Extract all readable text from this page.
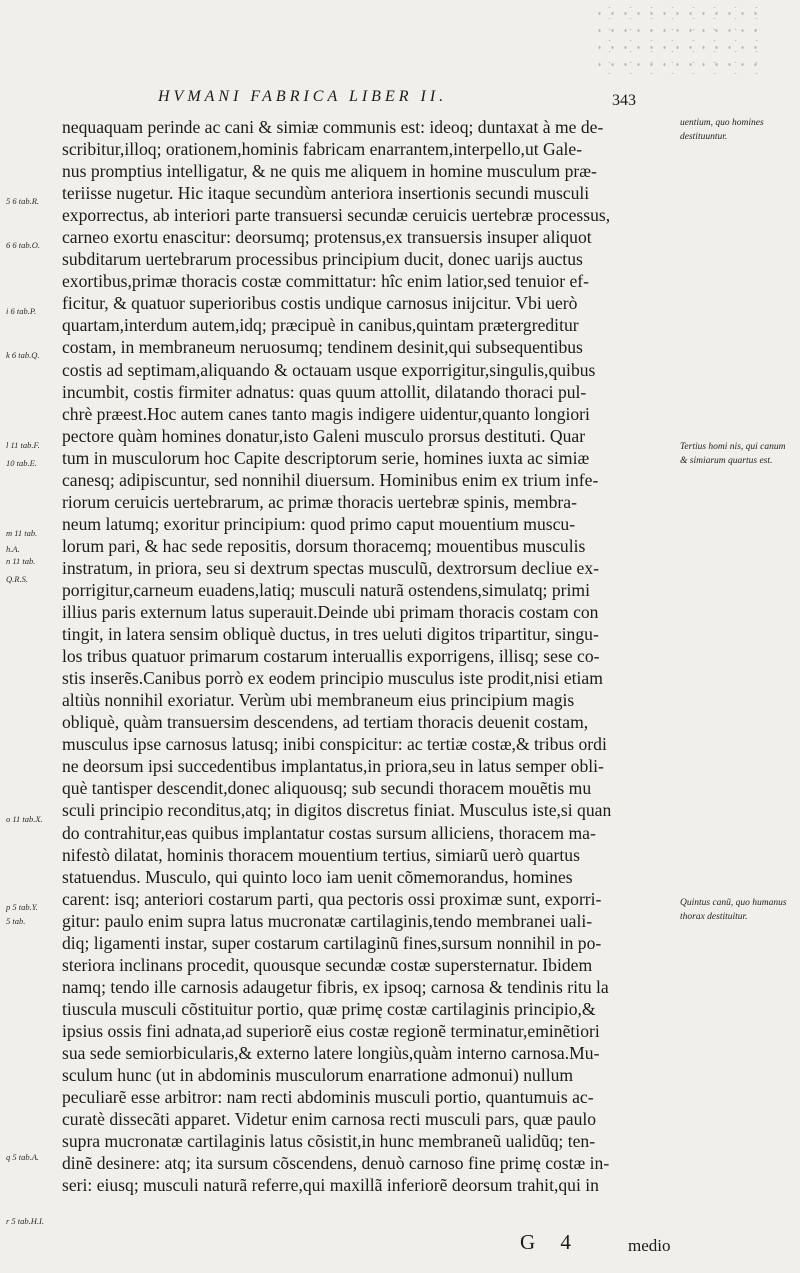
HVMANI FABRICA LIBER II.	343
nequaquam perinde ac cani & simiæ communis est: ideoq; duntaxat à me de-
scribitur,illoq; orationem,hominis fabricam enarrantem,interpello,ut Gale-
nus promptius intelligatur, & ne quis me aliquem in homine musculum præ-
teriisse nugetur. Hic itaque secundùm anteriora insertionis secundi musculi
exporrectus, ab interiori parte transuersi secundæ ceruicis uertebræ processus,
carneo exortu enascitur: deorsumq; protensus,ex transuersis insuper aliquot
subditarum uertebrarum processibus principium ducit, donec uarijs auctus
exortibus,primæ thoracis costæ committatur: hîc enim latior,sed tenuior ef-
ficitur, & quatuor superioribus costis undique carnosus inijcitur. Vbi uerò
quartam,interdum autem,idq; præcipuè in canibus,quintam prætergreditur
costam, in membraneum neruosumq; tendinem desinit,qui subsequentibus
costis ad septimam,aliquando & octauam usque exporrigitur,singulis,quibus
incumbit, costis firmiter adnatus: quas quum attollit, dilatando thoraci pul-
chrè præest.Hoc autem canes tanto magis indigere uidentur,quanto longiori
pectore quàm homines donatur,isto Galeni musculo prorsus destituti. Quar
tum in musculorum hoc Capite descriptorum serie, homines iuxta ac simiæ
canesq; adipiscuntur, sed nonnihil diuersum. Hominibus enim ex trium infe-
riorum ceruicis uertebrarum, ac primæ thoracis uertebræ spinis, membra-
neum latumq; exoritur principium: quod primo caput mouentium muscu-
lorum pari, & hac sede repositis, dorsum thoracemq; mouentibus musculis
instratum, in priora, seu si dextrum spectas musculũ, dextrorsum decliue ex-
porrigitur,carneum euadens,latiq; musculi naturã ostendens,simulatq; primi
illius paris externum latus superauit.Deinde ubi primam thoracis costam con
tingit, in latera sensim obliquè ductus, in tres ueluti digitos tripartitur, singu-
los tribus quatuor primarum costarum interuallis exporrigens, illisq; sese co-
stis inserẽs.Canibus porrò ex eodem principio musculus iste prodit,nisi etiam
altiùs nonnihil exoriatur. Verùm ubi membraneum eius principium magis
obliquè, quàm transuersim descendens, ad tertiam thoracis deuenit costam,
musculus ipse carnosus latusq; inibi conspicitur: ac tertiæ costæ,& tribus ordi
ne deorsum ipsi succedentibus implantatus,in priora,seu in latus semper obli-
què tantisper descendit,donec aliquousq; sub secundi thoracem mouẽtis mu
sculi principio reconditus,atq; in digitos discretus finiat. Musculus iste,si quan
do contrahitur,eas quibus implantatur costas sursum alliciens, thoracem ma-
nifestò dilatat, hominis thoracem mouentium tertius, simiarũ uerò quartus
statuendus. Musculo, qui quinto loco iam uenit cõmemorandus, homines
carent: isq; anteriori costarum parti, qua pectoris ossi proximæ sunt, exporri-
gitur: paulo enim supra latus mucronatæ cartilaginis,tendo membranei uali-
diq; ligamenti instar, super costarum cartilaginũ fines,sursum nonnihil in po-
steriora inclinans procedit, quousque secundæ costæ supersternatur. Ibidem
namq; tendo ille carnosis adaugetur fibris, ex ipsoq; carnosa & tendinis ritu la
tiuscula musculi cõstituitur portio, quæ primę costæ cartilaginis principio,&
ipsius ossis fini adnata,ad superiorẽ eius costæ regionẽ terminatur,eminẽtiori
sua sede semiorbicularis,& externo latere longiùs,quàm interno carnosa.Mu-
sculum hunc (ut in abdominis musculorum enarratione admonui) nullum
peculiarẽ esse arbitror: nam recti abdominis musculi portio, quantumuis ac-
curatè dissecãti apparet. Videtur enim carnosa recti musculi pars, quæ paulo
supra mucronatæ cartilaginis latus cõsistit,in hunc membraneũ ualidũq; ten-
dinẽ desinere: atq; ita sursum cõscendens, denuò carnoso fine primę costæ in-
seri: eiusq; musculi naturã referre,qui maxillã inferiorẽ deorsum trahit,qui in
5 6 tab.R.
6 6 tab.O.
i 6 tab.P.
k 6 tab.Q.
l 11 tab.F.
10 tab.E.
m 11 tab.
h.A.
n 11 tab.
Q.R.S.
o 11 tab.X.
p 5 tab.Y.
5 tab.
q 5 tab.A.
r 5 tab.H.I.
uentium, quo homines destituuntur.
Tertius homi nis, qui canum & simiarum quartus est.
Quintus canũ, quo humanus thorax destituitur.
G 4	medio
